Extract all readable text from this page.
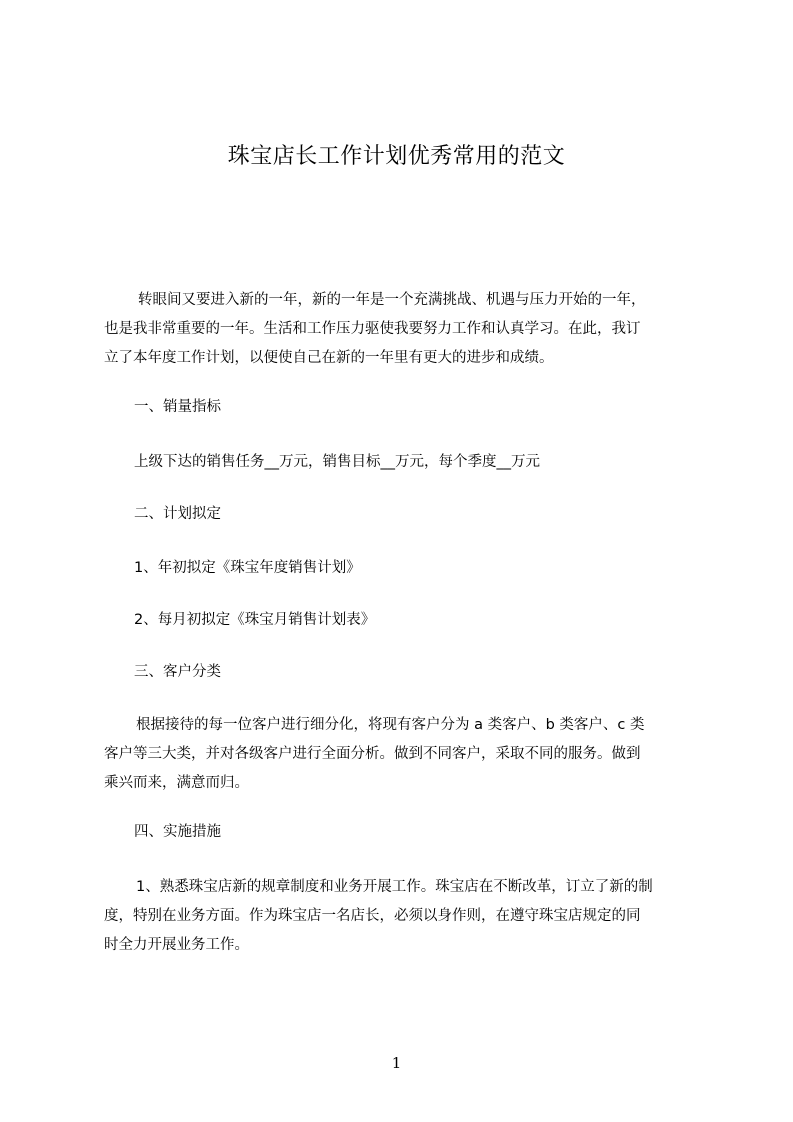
珠宝店长工作计划优秀常用的范文
转眼间又要进入新的一年，新的一年是一个充满挑战、机遇与压力开始的一年，
也是我非常重要的一年。生活和工作压力驱使我要努力工作和认真学习。在此，我订
立了本年度工作计划，以便使自己在新的一年里有更大的进步和成绩。
一、销量指标
上级下达的销售任务__万元，销售目标__万元，每个季度__万元
二、计划拟定
1、年初拟定《珠宝年度销售计划》
2、每月初拟定《珠宝月销售计划表》
三、客户分类
根据接待的每一位客户进行细分化，将现有客户分为 a 类客户、b 类客户、c 类
客户等三大类，并对各级客户进行全面分析。做到不同客户，采取不同的服务。做到
乘兴而来，满意而归。
四、实施措施
1、熟悉珠宝店新的规章制度和业务开展工作。珠宝店在不断改革，订立了新的制
度，特别在业务方面。作为珠宝店一名店长，必须以身作则，在遵守珠宝店规定的同
时全力开展业务工作。
1
